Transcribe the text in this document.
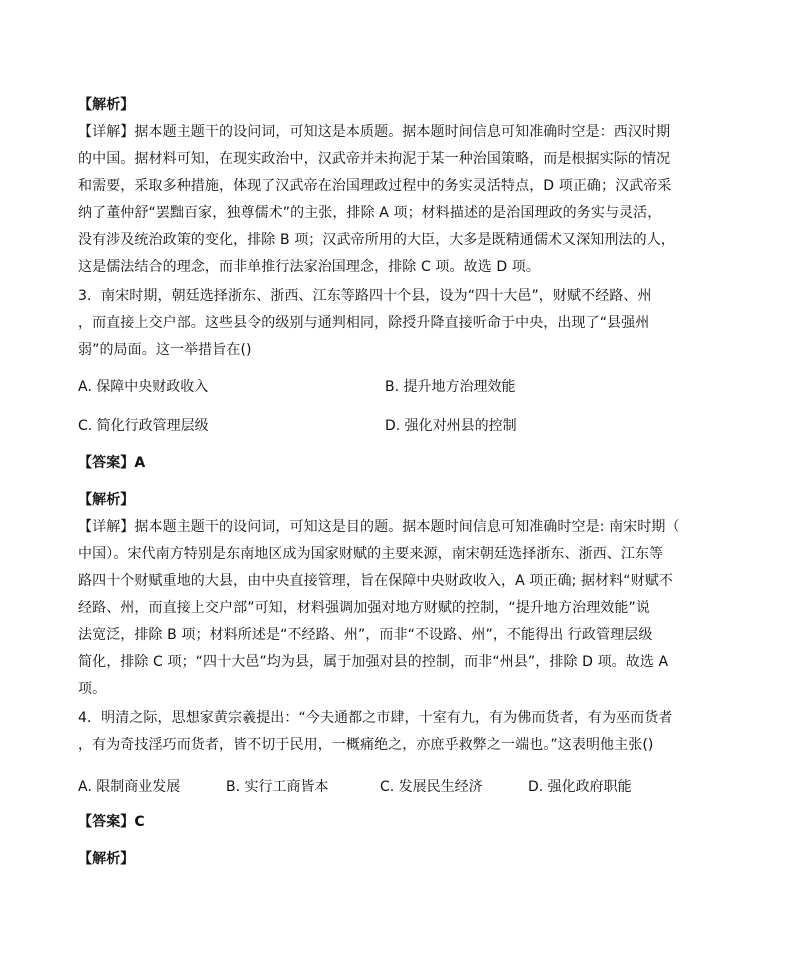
【解析】
【详解】据本题主题干的设问词，可知这是本质题。据本题时间信息可知准确时空是：西汉时期
的中国。据材料可知，在现实政治中，汉武帝并未拘泥于某一种治国策略，而是根据实际的情况
和需要，采取多种措施，体现了汉武帝在治国理政过程中的务实灵活特点，D 项正确；汉武帝采
纳了董仲舒“罢黜百家，独尊儒术”的主张，排除 A 项；材料描述的是治国理政的务实与灵活，
没有涉及统治政策的变化，排除 B 项；汉武帝所用的大臣，大多是既精通儒术又深知刑法的人，
这是儒法结合的理念，而非单推行法家治国理念，排除 C 项。故选 D 项。
3．南宋时期，朝廷选择浙东、浙西、江东等路四十个县，设为“四十大邑”，财赋不经路、州
，而直接上交户部。这些县令的级别与通判相同，除授升降直接听命于中央，出现了“县强州
弱”的局面。这一举措旨在()
A. 保障中央财政收入	B. 提升地方治理效能
C. 简化行政管理层级	D. 强化对州县的控制
【答案】A
【解析】
【详解】据本题主题干的设问词，可知这是目的题。据本题时间信息可知准确时空是: 南宋时期（
中国）。宋代南方特别是东南地区成为国家财赋的主要来源，南宋朝廷选择浙东、浙西、江东等
路四十个财赋重地的大县，由中央直接管理，旨在保障中央财政收入，A 项正确; 据材料“财赋不
经路、州，而直接上交户部”可知，材料强调加强对地方财赋的控制，“提升地方治理效能”说
法宽泛，排除 B 项；材料所述是“不经路、州”，而非“不设路、州”，不能得出 行政管理层级
简化，排除 C 项；“四十大邑”均为县，属于加强对县的控制，而非“州县”，排除 D 项。故选 A
项。
4．明清之际，思想家黄宗羲提出：“今夫通都之市肆，十室有九，有为佛而货者，有为巫而货者
，有为奇技淫巧而货者，皆不切于民用，一概痛绝之，亦庶乎救弊之一端也。”这表明他主张()
A. 限制商业发展	B. 实行工商皆本	C. 发展民生经济	D. 强化政府职能
【答案】C
【解析】
